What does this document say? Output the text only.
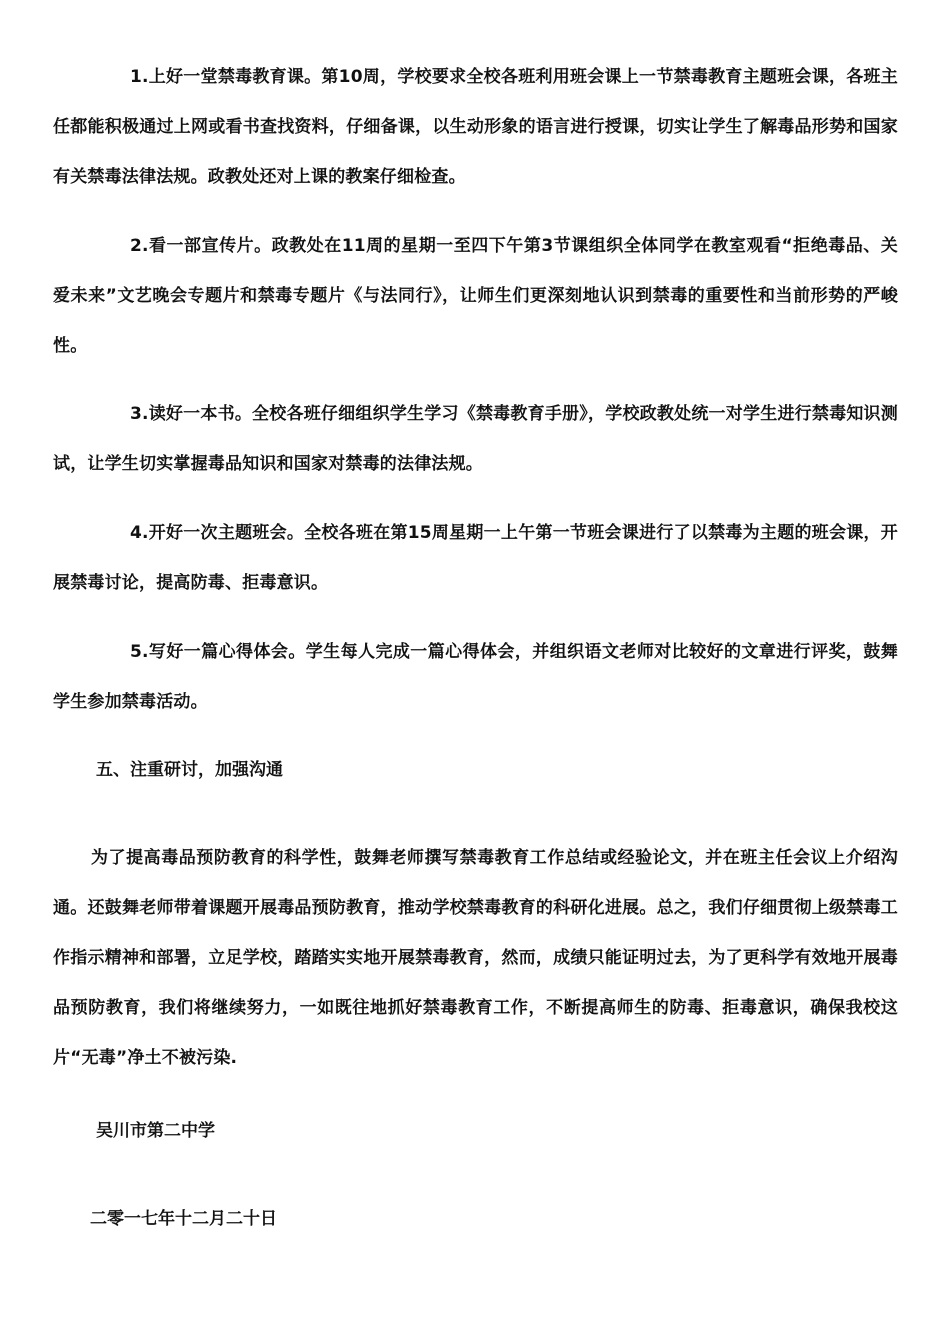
1.上好一堂禁毒教育课。第10周，学校要求全校各班利用班会课上一节禁毒教育主题班会课，各班主任都能积极通过上网或看书查找资料，仔细备课，以生动形象的语言进行授课，切实让学生了解毒品形势和国家有关禁毒法律法规。政教处还对上课的教案仔细检查。

2.看一部宣传片。政教处在11周的星期一至四下午第3节课组织全体同学在教室观看“拒绝毒品、关爱未来”文艺晚会专题片和禁毒专题片《与法同行》，让师生们更深刻地认识到禁毒的重要性和当前形势的严峻性。

3.读好一本书。全校各班仔细组织学生学习《禁毒教育手册》，学校政教处统一对学生进行禁毒知识测试，让学生切实掌握毒品知识和国家对禁毒的法律法规。

4.开好一次主题班会。全校各班在第15周星期一上午第一节班会课进行了以禁毒为主题的班会课，开展禁毒讨论，提高防毒、拒毒意识。

5.写好一篇心得体会。学生每人完成一篇心得体会，并组织语文老师对比较好的文章进行评奖，鼓舞学生参加禁毒活动。

五、注重研讨，加强沟通

为了提高毒品预防教育的科学性，鼓舞老师撰写禁毒教育工作总结或经验论文，并在班主任会议上介绍沟通。还鼓舞老师带着课题开展毒品预防教育，推动学校禁毒教育的科研化进展。总之，我们仔细贯彻上级禁毒工作指示精神和部署，立足学校，踏踏实实地开展禁毒教育，然而，成绩只能证明过去，为了更科学有效地开展毒品预防教育，我们将继续努力，一如既往地抓好禁毒教育工作，不断提高师生的防毒、拒毒意识，确保我校这片“无毒”净土不被污染.

吴川市第二中学

二零一七年十二月二十日
